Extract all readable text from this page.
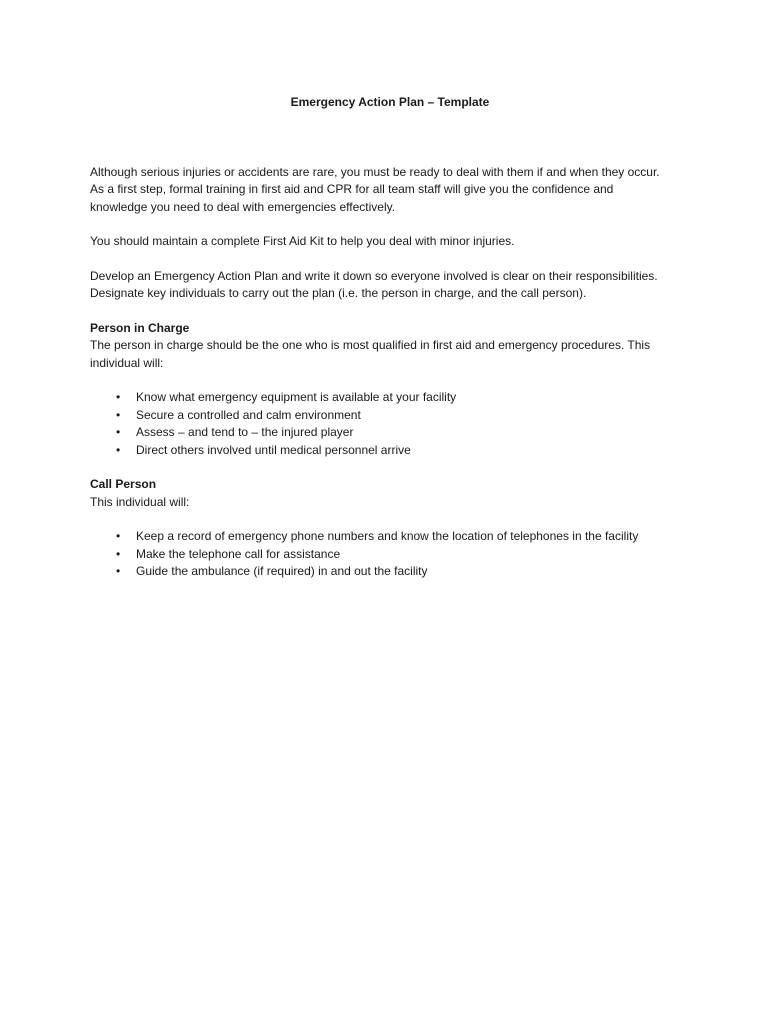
Emergency Action Plan – Template

Although serious injuries or accidents are rare, you must be ready to deal with them if and when they occur. As a first step, formal training in first aid and CPR for all team staff will give you the confidence and knowledge you need to deal with emergencies effectively.

You should maintain a complete First Aid Kit to help you deal with minor injuries.

Develop an Emergency Action Plan and write it down so everyone involved is clear on their responsibilities. Designate key individuals to carry out the plan (i.e. the person in charge, and the call person).

Person in Charge

The person in charge should be the one who is most qualified in first aid and emergency procedures. This individual will:

• Know what emergency equipment is available at your facility
• Secure a controlled and calm environment
• Assess – and tend to – the injured player
• Direct others involved until medical personnel arrive
Call Person

This individual will:

• Keep a record of emergency phone numbers and know the location of telephones in the facility
• Make the telephone call for assistance
• Guide the ambulance (if required) in and out the facility
